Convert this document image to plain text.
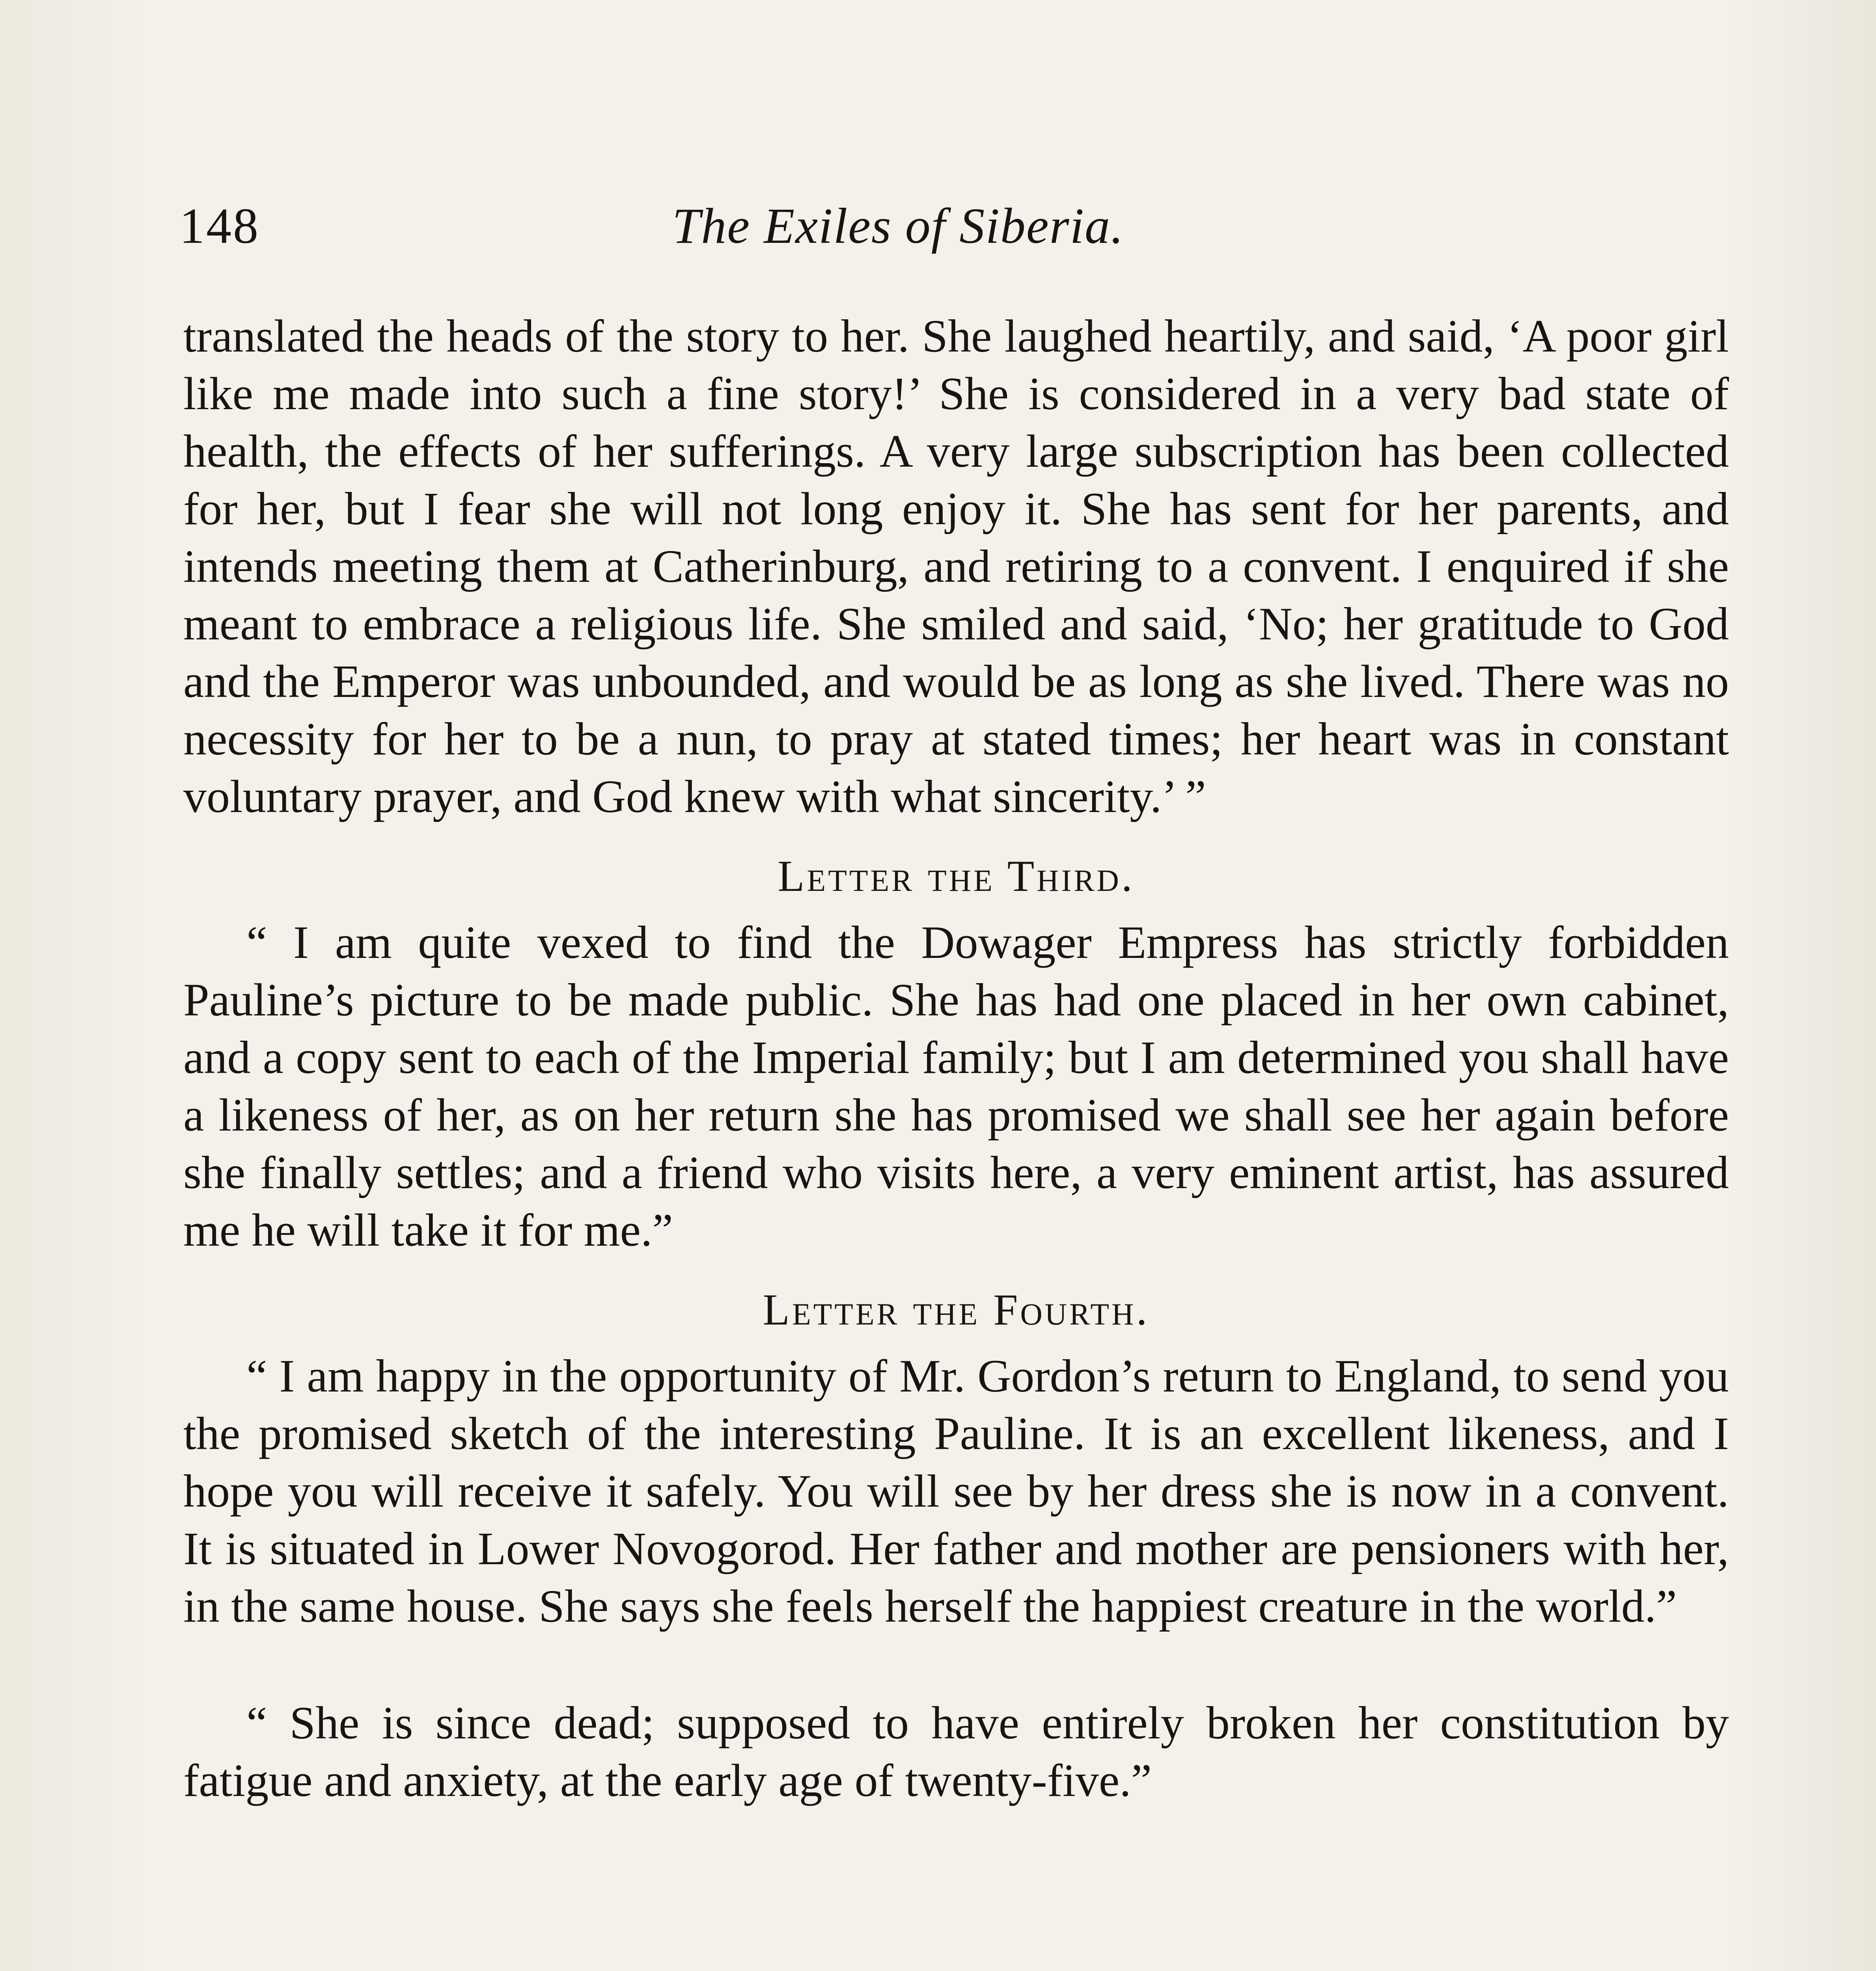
148	The Exiles of Siberia.

translated the heads of the story to her. She laughed heartily, and said, ‘A poor girl like me made into such a fine story!’ She is considered in a very bad state of health, the effects of her sufferings. A very large subscription has been collected for her, but I fear she will not long enjoy it. She has sent for her parents, and intends meeting them at Catherinburg, and retiring to a convent. I enquired if she meant to embrace a religious life. She smiled and said, ‘No; her gratitude to God and the Emperor was unbounded, and would be as long as she lived. There was no necessity for her to be a nun, to pray at stated times; her heart was in constant voluntary prayer, and God knew with what sincerity.’ ”

Letter the Third.

“ I am quite vexed to find the Dowager Empress has strictly forbidden Pauline’s picture to be made public. She has had one placed in her own cabinet, and a copy sent to each of the Imperial family; but I am determined you shall have a likeness of her, as on her return she has promised we shall see her again before she finally settles; and a friend who visits here, a very eminent artist, has assured me he will take it for me.”

Letter the Fourth.

“ I am happy in the opportunity of Mr. Gordon’s return to England, to send you the promised sketch of the interesting Pauline. It is an excellent likeness, and I hope you will receive it safely. You will see by her dress she is now in a convent. It is situated in Lower Novogorod. Her father and mother are pensioners with her, in the same house. She says she feels herself the happiest creature in the world.”

“ She is since dead; supposed to have entirely broken her constitution by fatigue and anxiety, at the early age of twenty-five.”
